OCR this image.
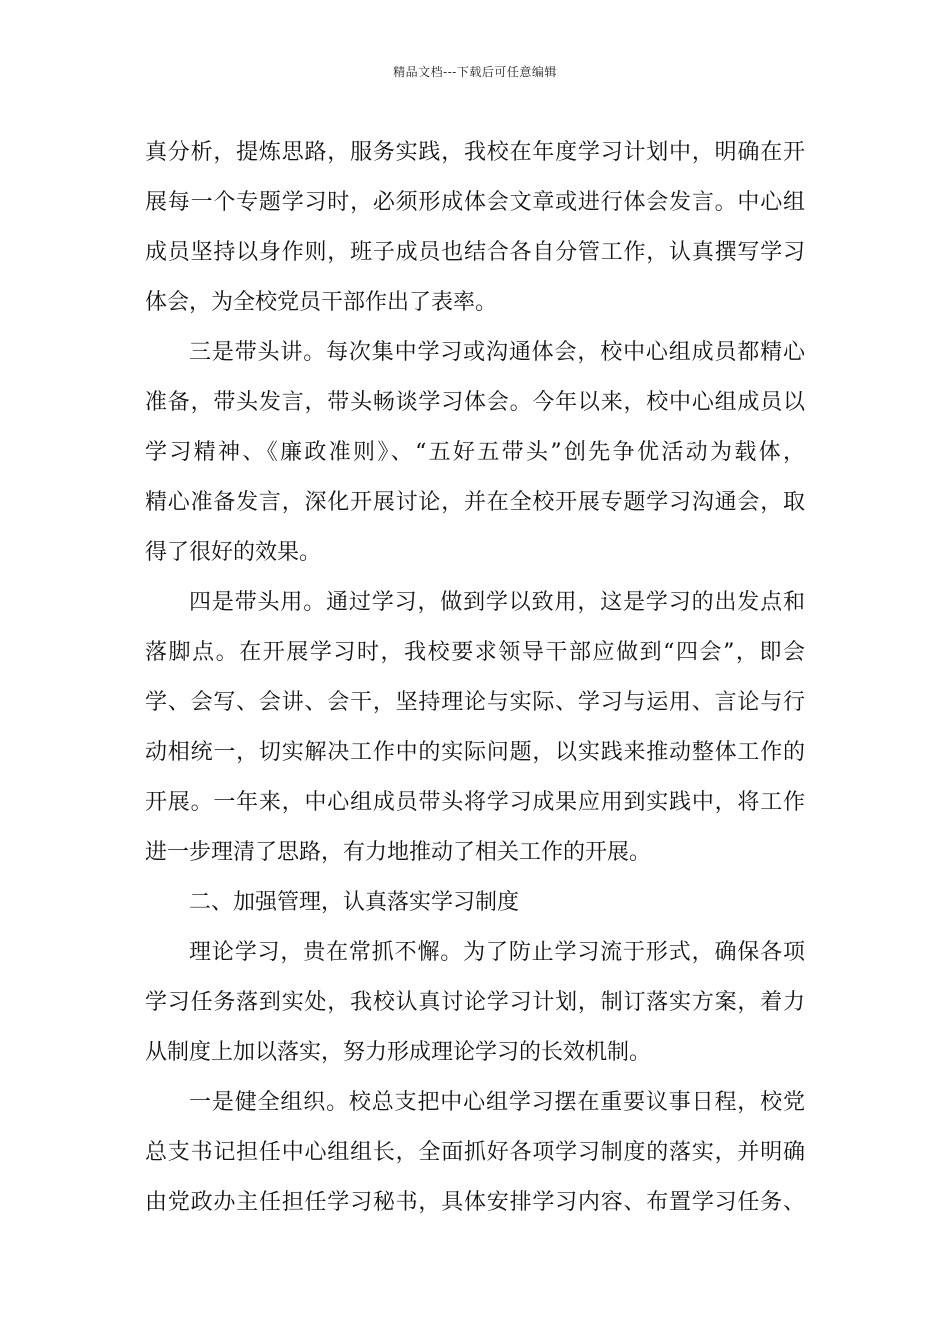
精品文档---下载后可任意编辑
真分析，提炼思路，服务实践，我校在年度学习计划中，明确在开
展每一个专题学习时，必须形成体会文章或进行体会发言。中心组
成员坚持以身作则，班子成员也结合各自分管工作，认真撰写学习
体会，为全校党员干部作出了表率。
三是带头讲。每次集中学习或沟通体会，校中心组成员都精心
准备，带头发言，带头畅谈学习体会。今年以来，校中心组成员以
学习精神、《廉政准则》、“五好五带头”创先争优活动为载体，
精心准备发言，深化开展讨论，并在全校开展专题学习沟通会，取
得了很好的效果。
四是带头用。通过学习，做到学以致用，这是学习的出发点和
落脚点。在开展学习时，我校要求领导干部应做到“四会”，即会
学、会写、会讲、会干，坚持理论与实际、学习与运用、言论与行
动相统一，切实解决工作中的实际问题，以实践来推动整体工作的
开展。一年来，中心组成员带头将学习成果应用到实践中，将工作
进一步理清了思路，有力地推动了相关工作的开展。
二、加强管理，认真落实学习制度
理论学习，贵在常抓不懈。为了防止学习流于形式，确保各项
学习任务落到实处，我校认真讨论学习计划，制订落实方案，着力
从制度上加以落实，努力形成理论学习的长效机制。
一是健全组织。校总支把中心组学习摆在重要议事日程，校党
总支书记担任中心组组长，全面抓好各项学习制度的落实，并明确
由党政办主任担任学习秘书，具体安排学习内容、布置学习任务、
